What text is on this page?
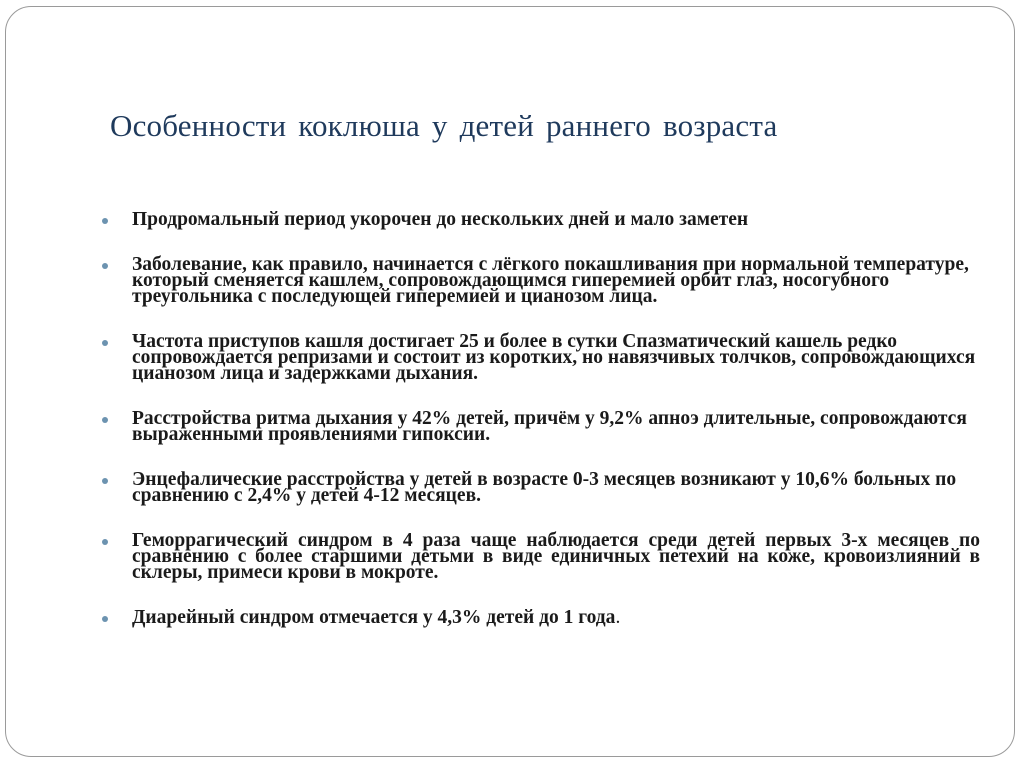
Особенности коклюша у детей раннего возраста
Продромальный период укорочен до нескольких дней и мало заметен
Заболевание, как правило, начинается с лёгкого покашливания при нормальной температуре, который сменяется кашлем, сопровождающимся гиперемией орбит глаз, носогубного треугольника с последующей гиперемией и цианозом лица.
Частота приступов кашля достигает 25 и более в сутки Спазматический кашель редко сопровождается репризами и состоит из коротких, но навязчивых толчков, сопровождающихся цианозом лица и задержками дыхания.
Расстройства ритма дыхания у 42% детей, причём у 9,2% апноэ длительные, сопровождаются выраженными проявлениями гипоксии.
Энцефалические расстройства у детей в возрасте 0-3 месяцев возникают у 10,6% больных по сравнению с 2,4% у детей 4-12 месяцев.
Геморрагический синдром в 4 раза чаще наблюдается среди детей первых 3-х месяцев по сравнению с более старшими детьми в виде единичных петехий на коже, кровоизлияний в склеры, примеси крови в мокроте.
Диарейный синдром отмечается у 4,3% детей до 1 года.
